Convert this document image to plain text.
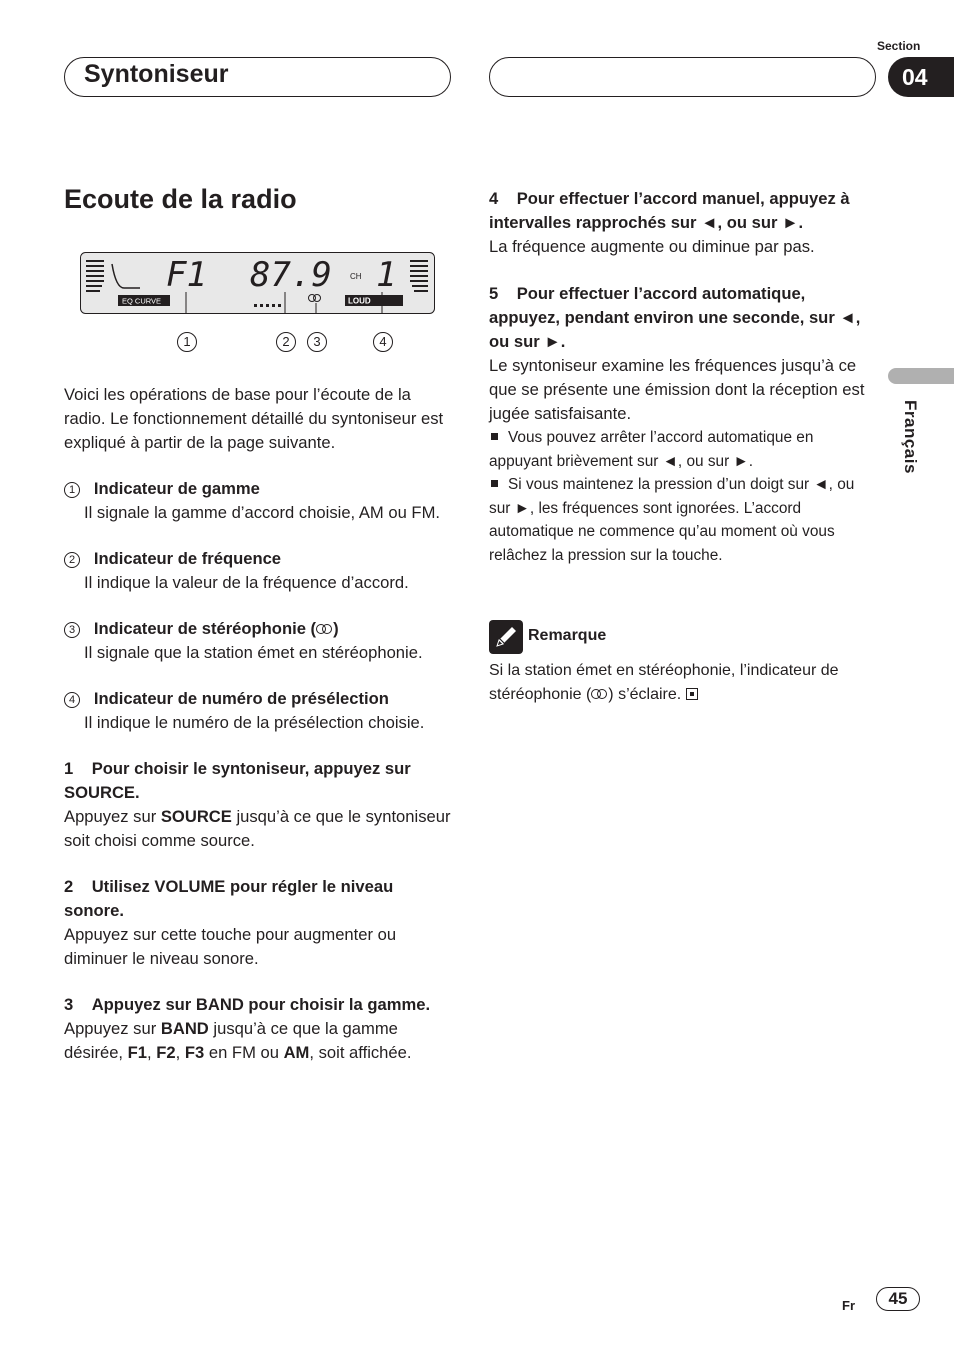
Syntoniseur
Section
04
Français
Ecoute de la radio
EQ CURVE	LOUD
F1 87.9 CH 1
1	2	3	4
Voici les opérations de base pour l’écoute de la radio. Le fonctionnement détaillé du syntoniseur est expliqué à partir de la page suivante.
1 Indicateur de gamme
Il signale la gamme d’accord choisie, AM ou FM.
2 Indicateur de fréquence
Il indique la valeur de la fréquence d’accord.
3 Indicateur de stéréophonie ( )
Il signale que la station émet en stéréophonie.
4 Indicateur de numéro de présélection
Il indique le numéro de la présélection choisie.
1 Pour choisir le syntoniseur, appuyez sur SOURCE.
Appuyez sur SOURCE jusqu’à ce que le syntoniseur soit choisi comme source.
2 Utilisez VOLUME pour régler le niveau sonore.
Appuyez sur cette touche pour augmenter ou diminuer le niveau sonore.
3 Appuyez sur BAND pour choisir la gamme.
Appuyez sur BAND jusqu’à ce que la gamme désirée, F1, F2, F3 en FM ou AM, soit affichée.
4 Pour effectuer l’accord manuel, appuyez à intervalles rapprochés sur ◄, ou sur ►.
La fréquence augmente ou diminue par pas.
5 Pour effectuer l’accord automatique, appuyez, pendant environ une seconde, sur ◄, ou sur ►.
Le syntoniseur examine les fréquences jusqu’à ce que se présente une émission dont la réception est jugée satisfaisante.
Vous pouvez arrêter l’accord automatique en appuyant brièvement sur ◄, ou sur ►.
Si vous maintenez la pression d’un doigt sur ◄, ou sur ►, les fréquences sont ignorées. L’accord automatique ne commence qu’au moment où vous relâchez la pression sur la touche.
Remarque
Si la station émet en stéréophonie, l’indicateur de stéréophonie ( ) s’éclaire.
Fr	45
